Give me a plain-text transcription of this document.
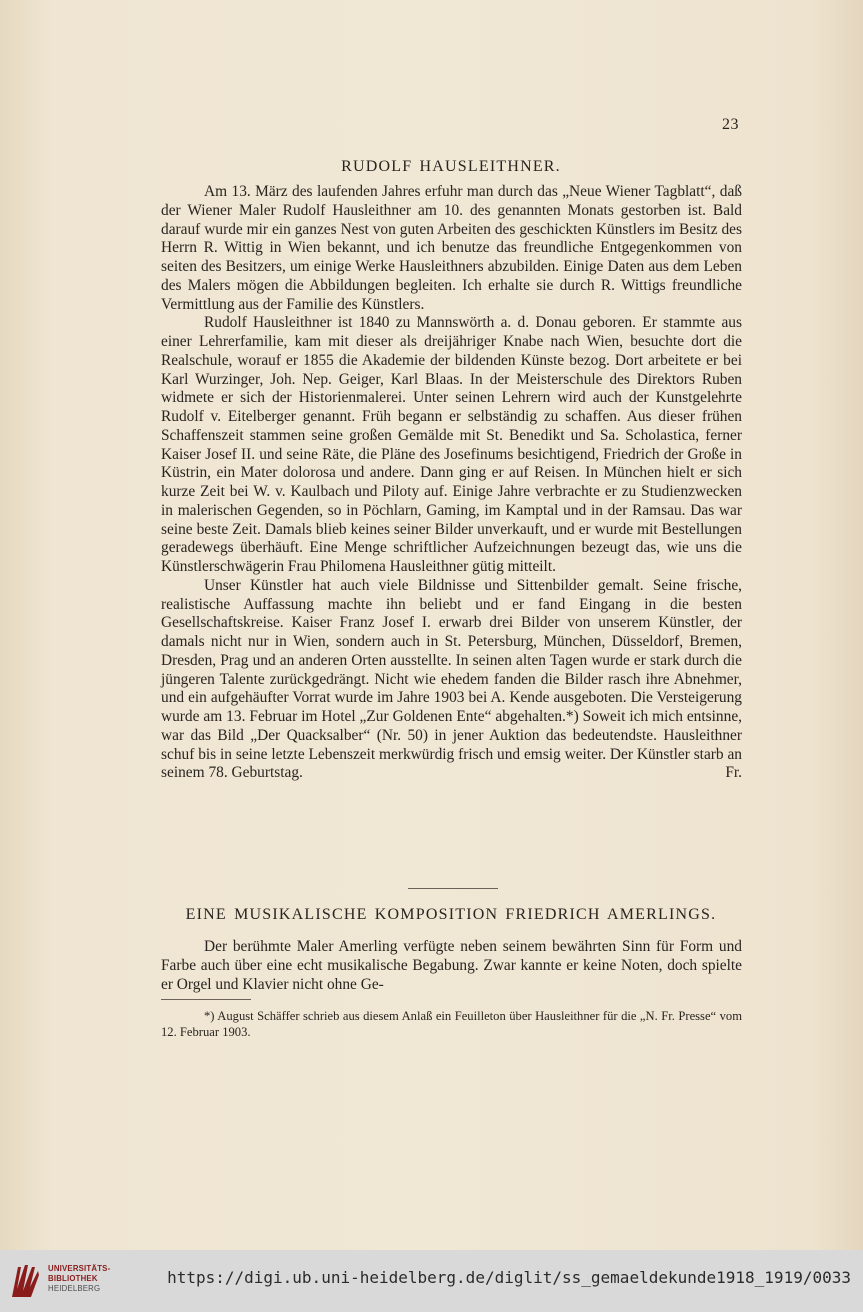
23
RUDOLF HAUSLEITHNER.

Am 13. März des laufenden Jahres erfuhr man durch das „Neue Wiener Tagblatt“, daß der Wiener Maler Rudolf Hausleithner am 10. des genannten Monats gestorben ist. Bald darauf wurde mir ein ganzes Nest von guten Arbeiten des geschickten Künstlers im Besitz des Herrn R. Wittig in Wien bekannt, und ich benutze das freundliche Entgegenkommen von seiten des Besitzers, um einige Werke Hausleithners abzubilden. Einige Daten aus dem Leben des Malers mögen die Abbildungen begleiten. Ich erhalte sie durch R. Wittigs freundliche Vermittlung aus der Familie des Künstlers.

Rudolf Hausleithner ist 1840 zu Mannswörth a. d. Donau geboren. Er stammte aus einer Lehrerfamilie, kam mit dieser als dreijähriger Knabe nach Wien, besuchte dort die Realschule, worauf er 1855 die Akademie der bildenden Künste bezog. Dort arbeitete er bei Karl Wurzinger, Joh. Nep. Geiger, Karl Blaas. In der Meisterschule des Direktors Ruben widmete er sich der Historienmalerei. Unter seinen Lehrern wird auch der Kunstgelehrte Rudolf v. Eitelberger genannt. Früh begann er selbständig zu schaffen. Aus dieser frühen Schaffenszeit stammen seine großen Gemälde mit St. Benedikt und Sa. Scholastica, ferner Kaiser Josef II. und seine Räte, die Pläne des Josefinums besichtigend, Friedrich der Große in Küstrin, ein Mater dolorosa und andere. Dann ging er auf Reisen. In München hielt er sich kurze Zeit bei W. v. Kaulbach und Piloty auf. Einige Jahre verbrachte er zu Studienzwecken in malerischen Gegenden, so in Pöchlarn, Gaming, im Kamptal und in der Ramsau. Das war seine beste Zeit. Damals blieb keines seiner Bilder unverkauft, und er wurde mit Bestellungen geradewegs überhäuft. Eine Menge schriftlicher Aufzeichnungen bezeugt das, wie uns die Künstlerschwägerin Frau Philomena Hausleithner gütig mitteilt.

Unser Künstler hat auch viele Bildnisse und Sittenbilder gemalt. Seine frische, realistische Auffassung machte ihn beliebt und er fand Eingang in die besten Gesellschaftskreise. Kaiser Franz Josef I. erwarb drei Bilder von unserem Künstler, der damals nicht nur in Wien, sondern auch in St. Petersburg, München, Düsseldorf, Bremen, Dresden, Prag und an anderen Orten ausstellte. In seinen alten Tagen wurde er stark durch die jüngeren Talente zurückgedrängt. Nicht wie ehedem fanden die Bilder rasch ihre Abnehmer, und ein aufgehäufter Vorrat wurde im Jahre 1903 bei A. Kende ausgeboten. Die Versteigerung wurde am 13. Februar im Hotel „Zur Goldenen Ente“ abgehalten.*) Soweit ich mich entsinne, war das Bild „Der Quacksalber“ (Nr. 50) in jener Auktion das bedeutendste. Hausleithner schuf bis in seine letzte Lebenszeit merkwürdig frisch und emsig weiter. Der Künstler starb an seinem 78. Geburtstag.	Fr.

EINE MUSIKALISCHE KOMPOSITION FRIEDRICH AMERLINGS.

Der berühmte Maler Amerling verfügte neben seinem bewährten Sinn für Form und Farbe auch über eine echt musikalische Begabung. Zwar kannte er keine Noten, doch spielte er Orgel und Klavier nicht ohne Ge-

*) August Schäffer schrieb aus diesem Anlaß ein Feuilleton über Hausleithner für die „N. Fr. Presse“ vom 12. Februar 1903.
UNIVERSITÄTS-
BIBLIOTHEK
HEIDELBERG
https://digi.ub.uni-heidelberg.de/diglit/ss_gemaeldekunde1918_1919/0033
